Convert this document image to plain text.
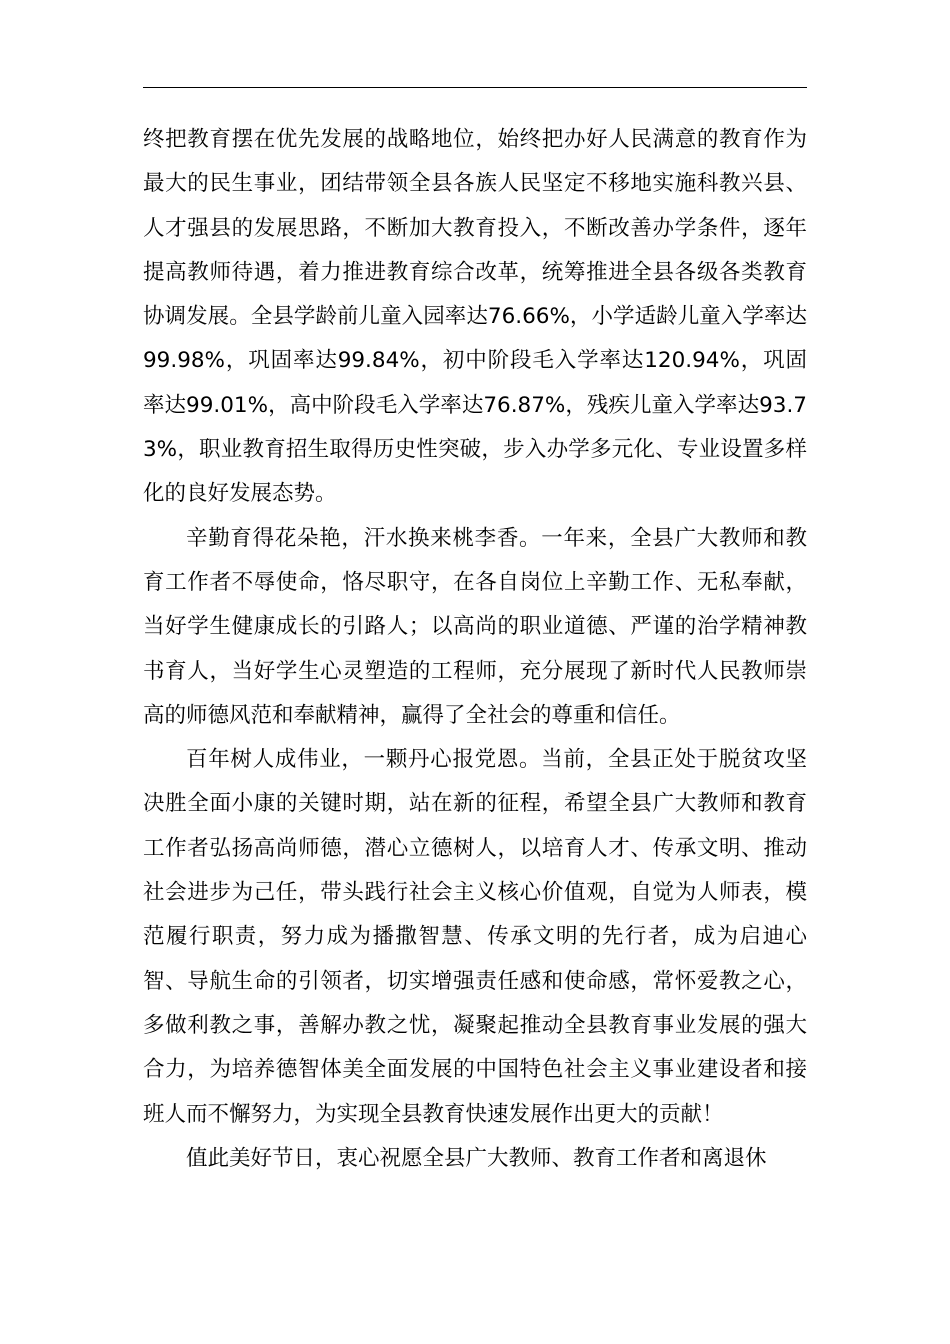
终把教育摆在优先发展的战略地位，始终把办好人民满意的教育作为最大的民生事业，团结带领全县各族人民坚定不移地实施科教兴县、人才强县的发展思路，不断加大教育投入，不断改善办学条件，逐年提高教师待遇，着力推进教育综合改革，统筹推进全县各级各类教育协调发展。全县学龄前儿童入园率达76.66%，小学适龄儿童入学率达99.98%，巩固率达99.84%，初中阶段毛入学率达120.94%，巩固率达99.01%，高中阶段毛入学率达76.87%，残疾儿童入学率达93.73%，职业教育招生取得历史性突破，步入办学多元化、专业设置多样化的良好发展态势。

辛勤育得花朵艳，汗水换来桃李香。一年来，全县广大教师和教育工作者不辱使命，恪尽职守，在各自岗位上辛勤工作、无私奉献，当好学生健康成长的引路人；以高尚的职业道德、严谨的治学精神教书育人，当好学生心灵塑造的工程师，充分展现了新时代人民教师崇高的师德风范和奉献精神，赢得了全社会的尊重和信任。

百年树人成伟业，一颗丹心报党恩。当前，全县正处于脱贫攻坚决胜全面小康的关键时期，站在新的征程，希望全县广大教师和教育工作者弘扬高尚师德，潜心立德树人，以培育人才、传承文明、推动社会进步为己任，带头践行社会主义核心价值观，自觉为人师表，模范履行职责，努力成为播撒智慧、传承文明的先行者，成为启迪心智、导航生命的引领者，切实增强责任感和使命感，常怀爱教之心，多做利教之事，善解办教之忧，凝聚起推动全县教育事业发展的强大合力，为培养德智体美全面发展的中国特色社会主义事业建设者和接班人而不懈努力，为实现全县教育快速发展作出更大的贡献！

值此美好节日，衷心祝愿全县广大教师、教育工作者和离退休
